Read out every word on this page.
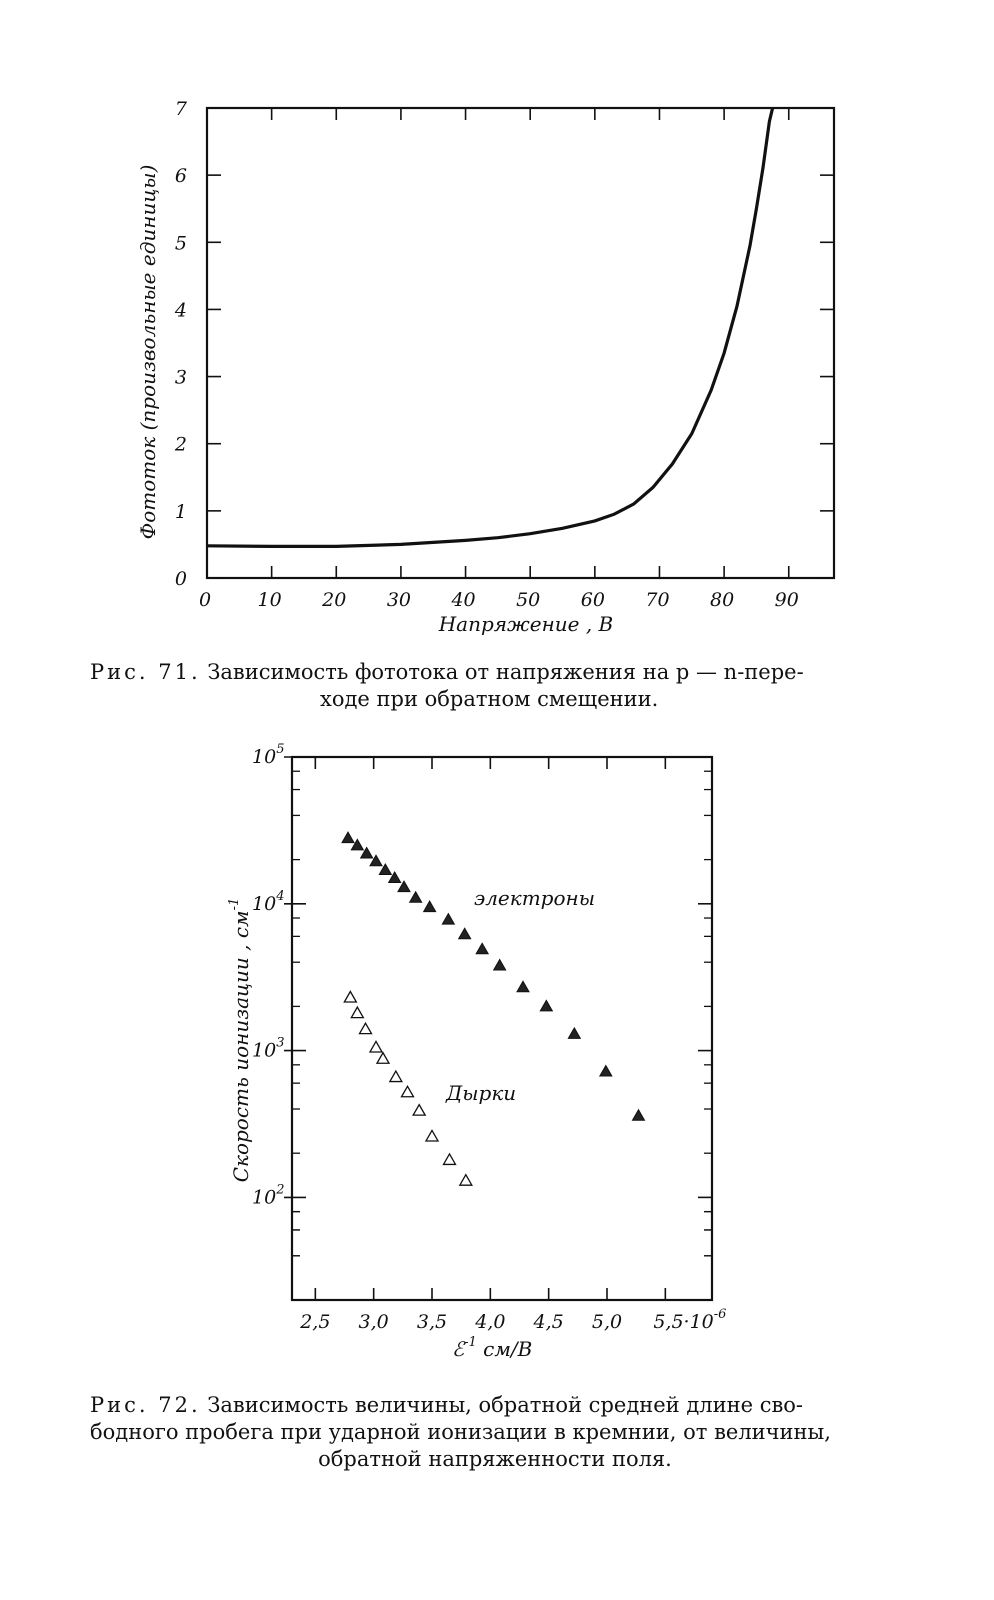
0 10 20 30 40 50 60 70 80 90
0
1
2
3
4
5
6
7
Напряжение , В
Фототок (произвольные единицы)
2,5 3,0 3,5 4,0 4,5 5,0 $5,5\cdot 10^{-6}$
$10^2$
$10^3$
$10^4$
$10^5$
электроны
Дырки
ℰ$^{-1}$ см/В
Скорость ионизации , $см^{-1}$
Рис. 71. Зависимость фототока от напряжения на p — n-пере-
ходе при обратном смещении.
Рис. 72. Зависимость величины, обратной средней длине сво-
бодного пробега при ударной ионизации в кремнии, от величины,
обратной напряженности поля.
